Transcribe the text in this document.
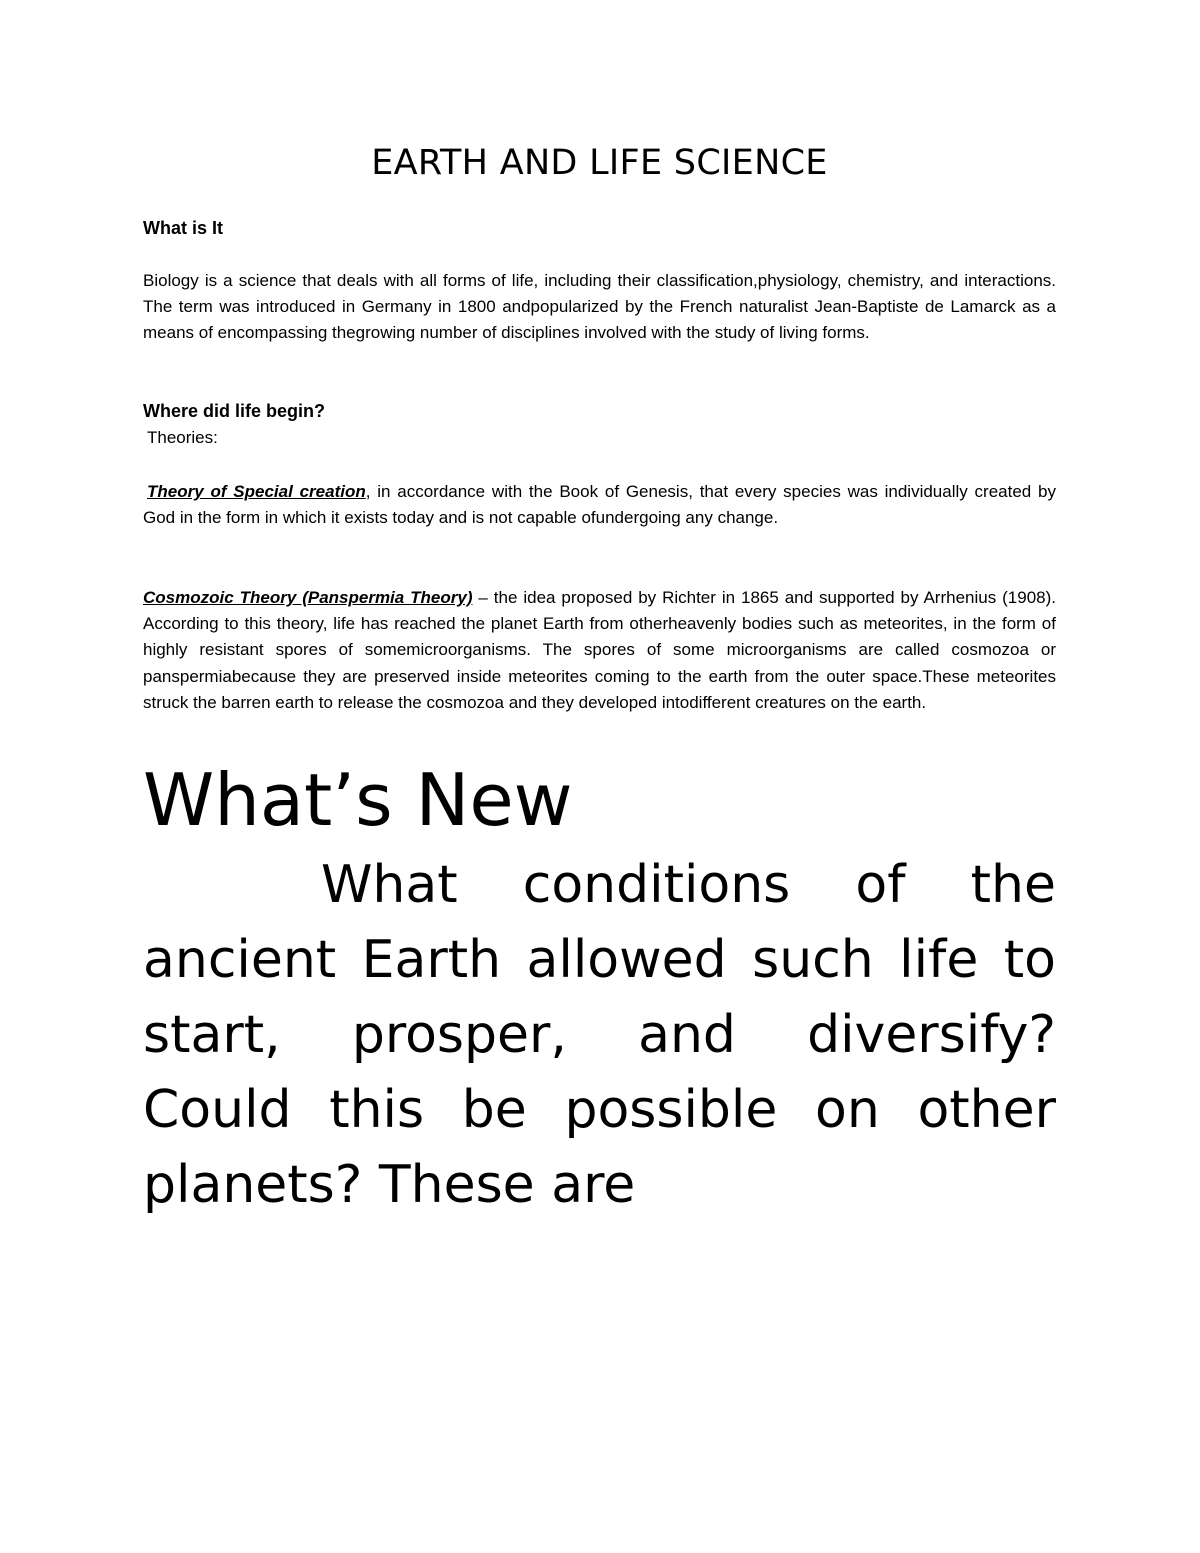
EARTH AND LIFE SCIENCE
What is It
Biology is a science that deals with all forms of life, including their classification,physiology, chemistry, and interactions. The term was introduced in Germany in 1800 andpopularized by the French naturalist Jean-Baptiste de Lamarck as a means of encompassing thegrowing number of disciplines involved with the study of living forms.
Where did life begin?
Theories:
Theory of Special creation, in accordance with the Book of Genesis, that every species was individually created by God in the form in which it exists today and is not capable ofundergoing any change.
Cosmozoic Theory (Panspermia Theory) – the idea proposed by Richter in 1865 and supported by Arrhenius (1908). According to this theory, life has reached the planet Earth from otherheavenly bodies such as meteorites, in the form of highly resistant spores of somemicroorganisms. The spores of some microorganisms are called cosmozoa or panspermiabecause they are preserved inside meteorites coming to the earth from the outer space.These meteorites struck the barren earth to release the cosmozoa and they developed intodifferent creatures on the earth.
What’s New
What conditions of the ancient Earth allowed such life to start, prosper, and diversify? Could this be possible on other planets? These are
